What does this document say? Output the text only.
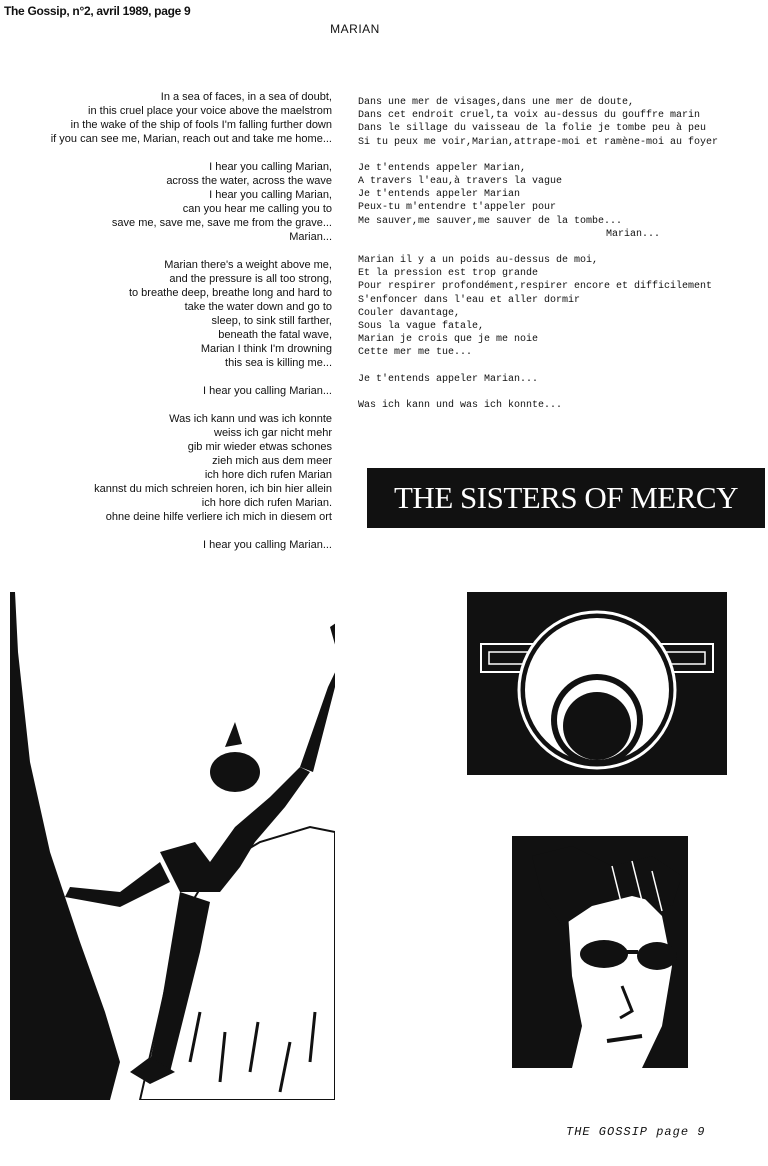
The Gossip, n°2, avril 1989, page 9
MARIAN
In a sea of faces, in a sea of doubt,
in this cruel place your voice above the maelstrom
in the wake of the ship of fools I'm falling further down
if you can see me, Marian, reach out and take me home...
I hear you calling Marian,
across the water, across the wave
I hear you calling Marian,
can you hear me calling you to
save me, save me, save me from the grave...
Marian...
Marian there's a weight above me,
and the pressure is all too strong,
to breathe deep, breathe long and hard to
take the water down and go to
sleep, to sink still farther,
beneath the fatal wave,
Marian I think I'm drowning
this sea is killing me...
I hear you calling Marian...
Was ich kann und was ich konnte
weiss ich gar nicht mehr
gib mir wieder etwas schones
zieh mich aus dem meer
ich hore dich rufen Marian
kannst du mich schreien horen, ich bin hier allein
ich hore dich rufen Marian.
ohne deine hilfe verliere ich mich in diesem ort
I hear you calling Marian...
Dans une mer de visages,dans une mer de doute,
Dans cet endroit cruel,ta voix au-dessus du gouffre marin
Dans le sillage du vaisseau de la folie je tombe peu à peu
Si tu peux me voir,Marian,attrape-moi et ramène-moi au foyer
Je t'entends appeler Marian,
A travers l'eau,à travers la vague
Je t'entends appeler Marian
Peux-tu m'entendre t'appeler pour
Me sauver,me sauver,me sauver de la tombe...
Marian...
Marian il y a un poids au-dessus de moi,
Et la pression est trop grande
Pour respirer profondément,respirer encore et difficilement
S'enfoncer dans l'eau et aller dormir
Couler davantage,
Sous la vague fatale,
Marian je crois que je me noie
Cette mer me tue...
Je t'entends appeler Marian...
Was ich kann und was ich konnte...
THE SISTERS OF MERCY
THE GOSSIP page 9
